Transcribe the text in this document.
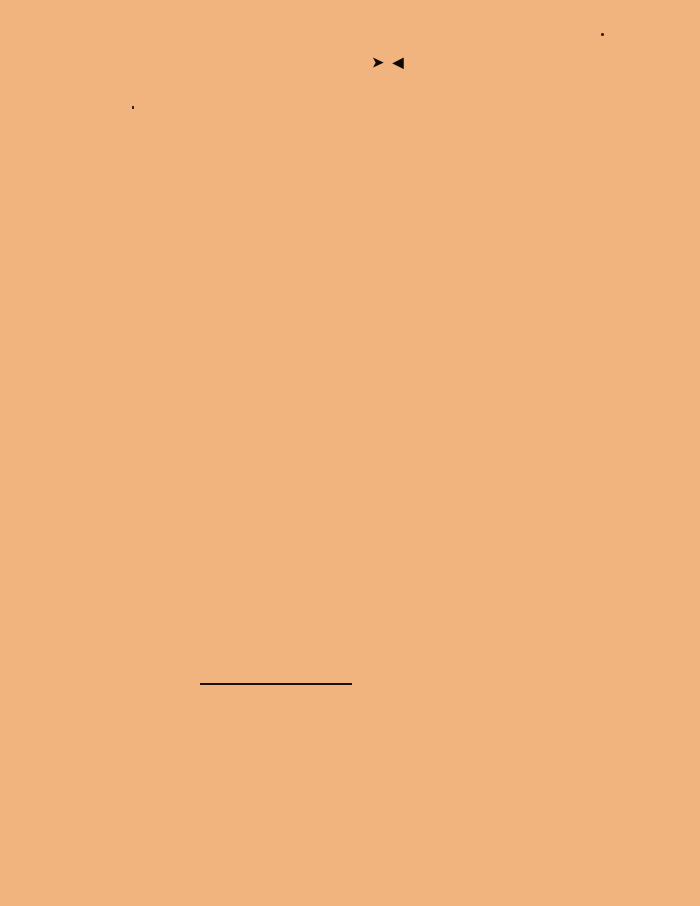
➤ ◀
